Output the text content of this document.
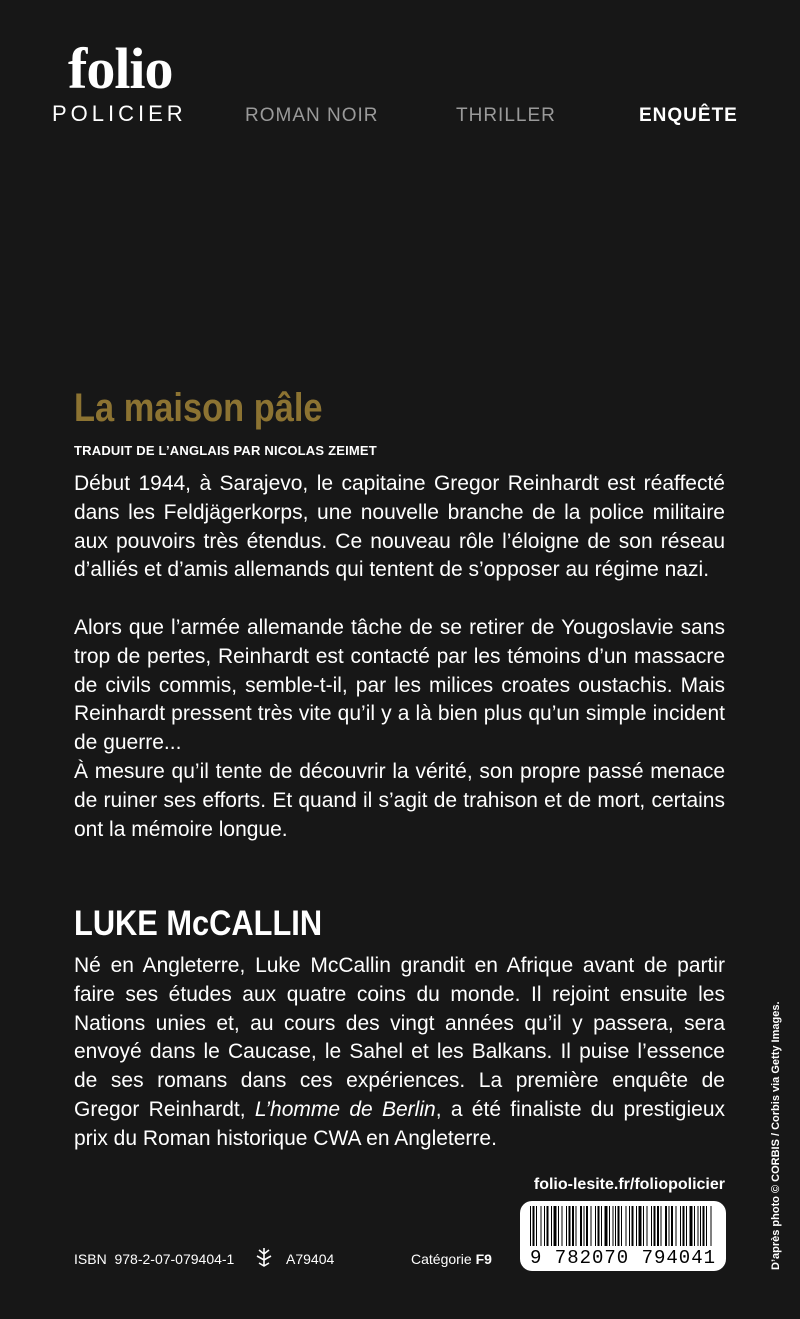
folio
POLICIER	ROMAN NOIR	THRILLER	ENQUÊTE
La maison pâle
TRADUIT DE L’ANGLAIS PAR NICOLAS ZEIMET

Début 1944, à Sarajevo, le capitaine Gregor Reinhardt est réaffecté dans les Feldjägerkorps, une nouvelle branche de la police militaire aux pouvoirs très étendus. Ce nouveau rôle l’éloigne de son réseau d’alliés et d’amis allemands qui tentent de s’opposer au régime nazi.

Alors que l’armée allemande tâche de se retirer de Yougoslavie sans trop de pertes, Reinhardt est contacté par les témoins d’un massacre de civils commis, semble-t-il, par les milices croates oustachis. Mais Reinhardt pressent très vite qu’il y a là bien plus qu’un simple incident de guerre...

À mesure qu’il tente de découvrir la vérité, son propre passé menace de ruiner ses efforts. Et quand il s’agit de trahison et de mort, certains ont la mémoire longue.

LUKE McCALLIN

Né en Angleterre, Luke McCallin grandit en Afrique avant de partir faire ses études aux quatre coins du monde. Il rejoint ensuite les Nations unies et, au cours des vingt années qu’il y passera, sera envoyé dans le Caucase, le Sahel et les Balkans. Il puise l’essence de ses romans dans ces expériences. La première enquête de Gregor Reinhardt, L’homme de Berlin, a été finaliste du prestigieux prix du Roman historique CWA en Angleterre.

folio-lesite.fr/foliopolicier
9 782070 794041
ISBN 978-2-07-079404-1	A79404	Catégorie F9	D’après photo © CORBIS / Corbis via Getty Images.
